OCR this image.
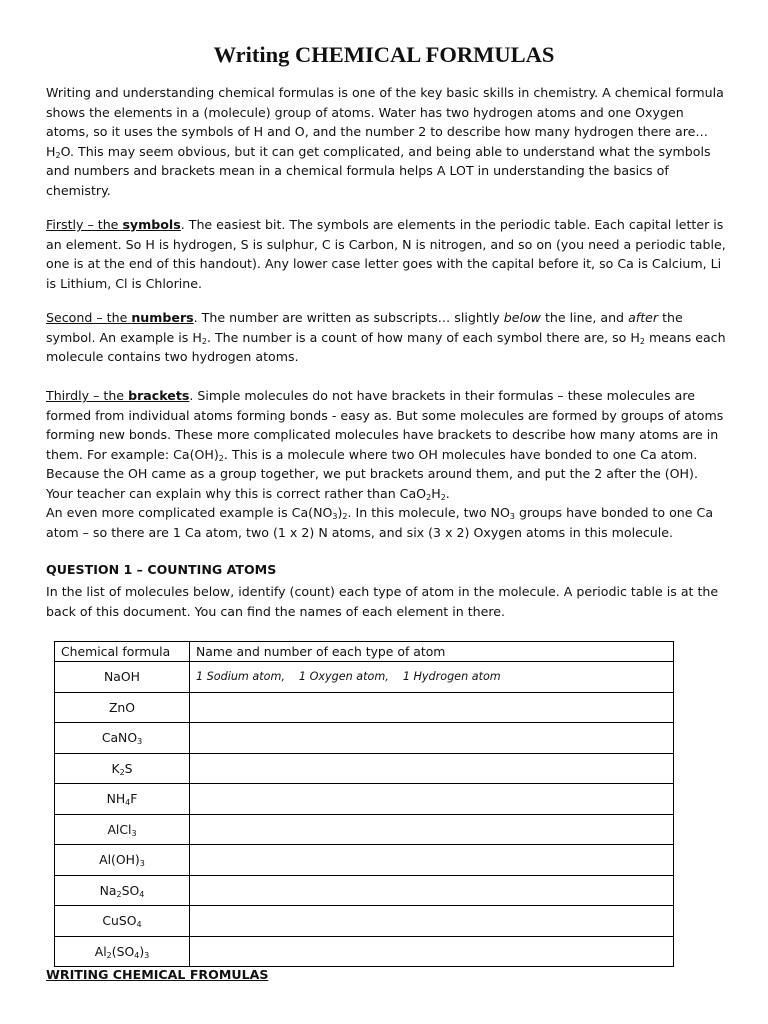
Writing CHEMICAL FORMULAS
Writing and understanding chemical formulas is one of the key basic skills in chemistry. A chemical formula
shows the elements in a (molecule) group of atoms. Water has two hydrogen atoms and one Oxygen
atoms, so it uses the symbols of H and O, and the number 2 to describe how many hydrogen there are…
$H_2O$. This may seem obvious, but it can get complicated, and being able to understand what the symbols
and numbers and brackets mean in a chemical formula helps A LOT in understanding the basics of
chemistry.
Firstly – the symbols. The easiest bit. The symbols are elements in the periodic table. Each capital letter is
an element. So H is hydrogen, S is sulphur, C is Carbon, N is nitrogen, and so on (you need a periodic table,
one is at the end of this handout). Any lower case letter goes with the capital before it, so Ca is Calcium, Li
is Lithium, Cl is Chlorine.
Second – the numbers. The number are written as subscripts… slightly below the line, and after the
symbol. An example is $H_2$. The number is a count of how many of each symbol there are, so $H_2$ means each
molecule contains two hydrogen atoms.
Thirdly – the brackets. Simple molecules do not have brackets in their formulas – these molecules are
formed from individual atoms forming bonds - easy as. But some molecules are formed by groups of atoms
forming new bonds. These more complicated molecules have brackets to describe how many atoms are in
them. For example: $Ca(OH)_2$. This is a molecule where two OH molecules have bonded to one Ca atom.
Because the OH came as a group together, we put brackets around them, and put the 2 after the (OH).
Your teacher can explain why this is correct rather than $CaO_2H_2$.
An even more complicated example is $Ca(NO_3)_2$. In this molecule, two $NO_3$ groups have bonded to one Ca
atom – so there are 1 Ca atom, two (1 x 2) N atoms, and six (3 x 2) Oxygen atoms in this molecule.
QUESTION 1 – COUNTING ATOMS
In the list of molecules below, identify (count) each type of atom in the molecule. A periodic table is at the
back of this document. You can find the names of each element in there.
Chemical formula	Name and number of each type of atom
NaOH	1 Sodium atom, 1 Oxygen atom, 1 Hydrogen atom
ZnO	
CaNO$_3$	
$K_2S$	
$NH_4F$	
AlCl$_3$	
$Al(OH)_3$	
$Na_2SO_4$	
CuSO$_4$	
$Al_2(SO_4)_3$	
WRITING CHEMICAL FROMULAS
